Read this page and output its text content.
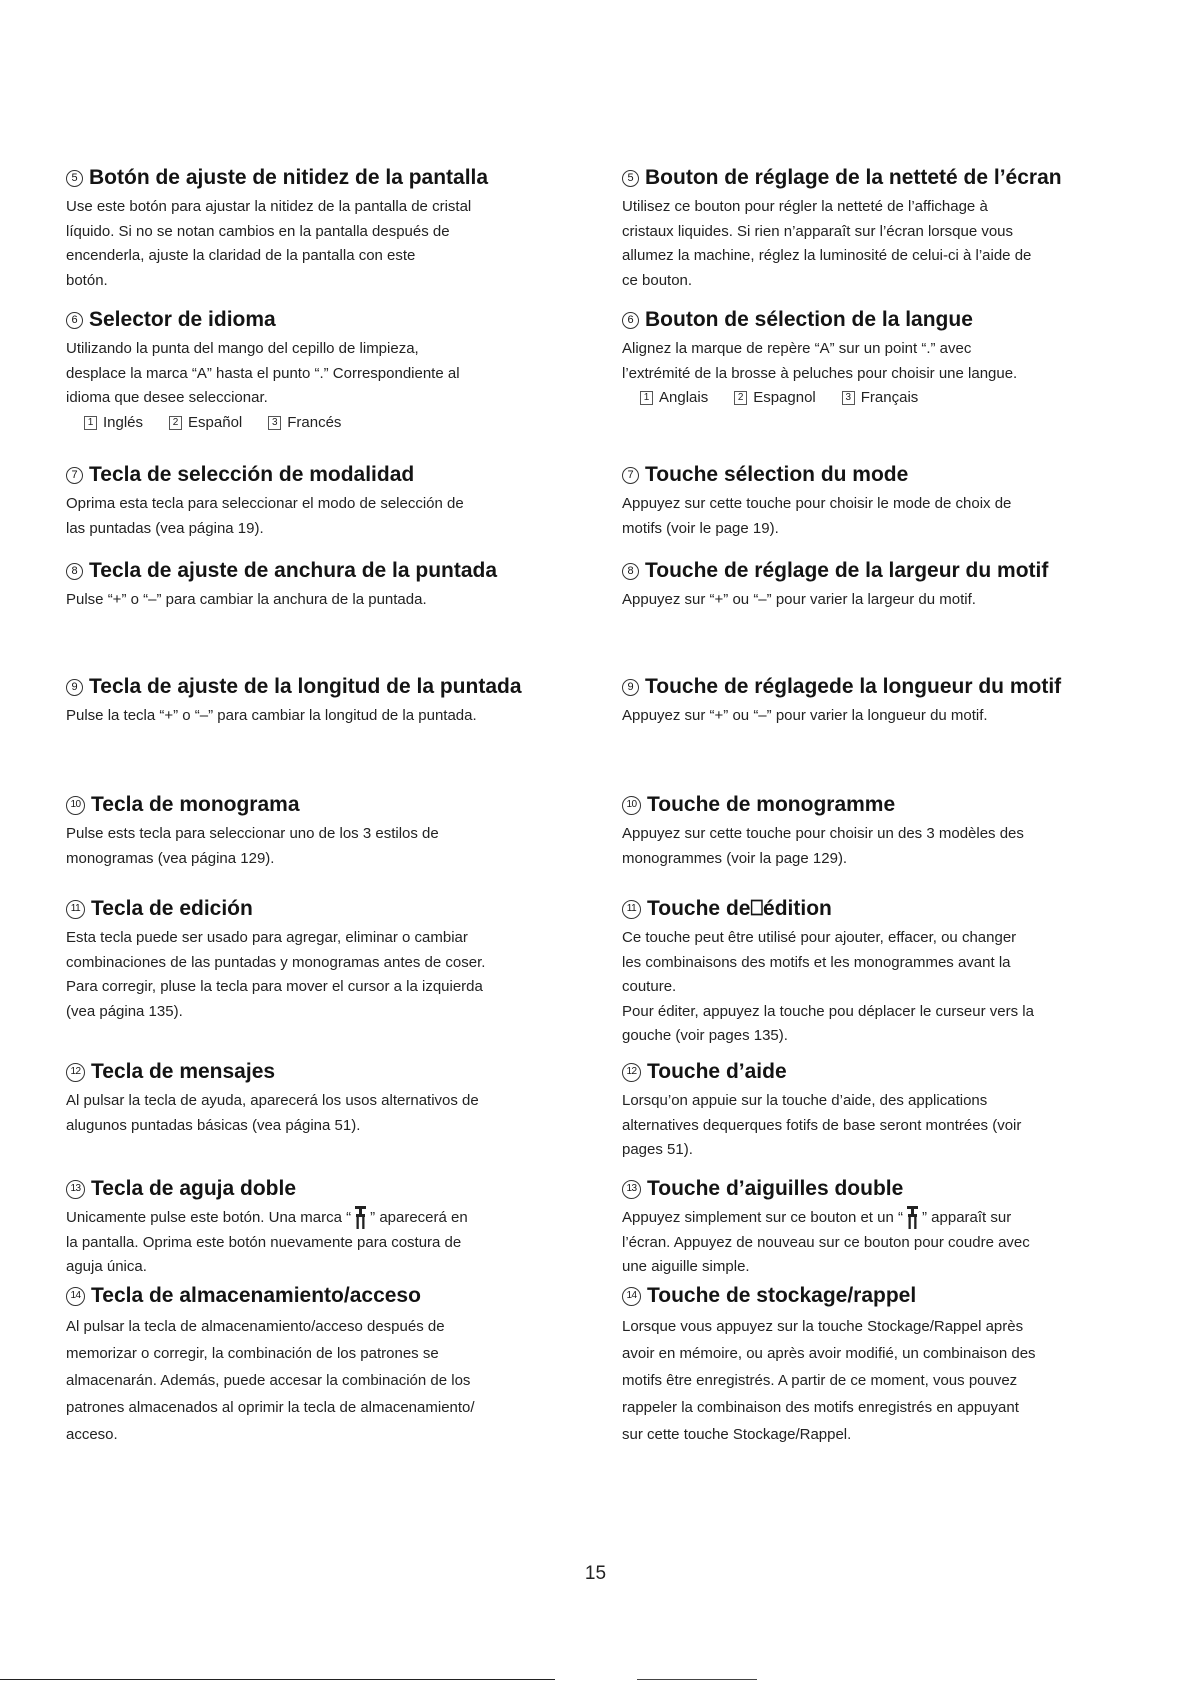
5 Botón de ajuste de nitidez de la pantalla

Use este botón para ajustar la nitidez de la pantalla de cristal

líquido. Si no se notan cambios en la pantalla después de

encenderla, ajuste la claridad de la pantalla con este

botón.

6 Selector de idioma

Utilizando la punta del mango del cepillo de limpieza,

desplace la marca “A” hasta el punto “.” Correspondiente al

idioma que desee seleccionar.

1 Inglés	2 Español	3 Francés
7 Tecla de selección de modalidad

Oprima esta tecla para seleccionar el modo de selección de

las puntadas (vea página 19).

8 Tecla de ajuste de anchura de la puntada

Pulse “+” o “–” para cambiar la anchura de la puntada.

9 Tecla de ajuste de la longitud de la puntada

Pulse la tecla “+” o “–” para cambiar la longitud de la puntada.

10 Tecla de monograma

Pulse ests tecla para seleccionar uno de los 3 estilos de

monogramas (vea página 129).

11 Tecla de edición

Esta tecla puede ser usado para agregar, eliminar o cambiar

combinaciones de las puntadas y monogramas antes de coser.

Para corregir, pluse la tecla para mover el cursor a la izquierda

(vea página 135).

12 Tecla de mensajes

Al pulsar la tecla de ayuda, aparecerá los usos alternativos de

alugunos puntadas básicas (vea página 51).

13 Tecla de aguja doble

Unicamente pulse este botón. Una marca “ ” aparecerá en

la pantalla. Oprima este botón nuevamente para costura de

aguja única.

14 Tecla de almacenamiento/acceso

Al pulsar la tecla de almacenamiento/acceso después de

memorizar o corregir, la combinación de los patrones se

almacenarán. Además, puede accesar la combinación de los

patrones almacenados al oprimir la tecla de almacenamiento/

acceso.

5 Bouton de réglage de la netteté de l’écran

Utilisez ce bouton pour régler la netteté de l’affichage à

cristaux liquides. Si rien n’apparaît sur l’écran lorsque vous

allumez la machine, réglez la luminosité de celui-ci à l’aide de

ce bouton.

6 Bouton de sélection de la langue

Alignez la marque de repère “A” sur un point “.” avec

l’extrémité de la brosse à peluches pour choisir une langue.

1 Anglais	2 Espagnol	3 Français
7 Touche sélection du mode

Appuyez sur cette touche pour choisir le mode de choix de

motifs (voir le page 19).

8 Touche de réglage de la largeur du motif

Appuyez sur “+” ou “–” pour varier la largeur du motif.

9 Touche de réglagede la longueur du motif

Appuyez sur “+” ou “–” pour varier la longueur du motif.

10 Touche de monogramme

Appuyez sur cette touche pour choisir un des 3 modèles des

monogrammes (voir la page 129).

11 Touche de⎕édition

Ce touche peut être utilisé pour ajouter, effacer, ou changer

les combinaisons des motifs et les monogrammes avant la

couture.

Pour éditer, appuyez la touche pou déplacer le curseur vers la

gouche (voir pages 135).

12 Touche d’aide

Lorsqu’on appuie sur la touche d’aide, des applications

alternatives dequerques fotifs de base seront montrées (voir

pages 51).

13 Touche d’aiguilles double

Appuyez simplement sur ce bouton et un “ ” apparaît sur

l’écran. Appuyez de nouveau sur ce bouton pour coudre avec

une aiguille simple.

14 Touche de stockage/rappel

Lorsque vous appuyez sur la touche Stockage/Rappel après

avoir en mémoire, ou après avoir modifié, un combinaison des

motifs être enregistrés. A partir de ce moment, vous pouvez

rappeler la combinaison des motifs enregistrés en appuyant

sur cette touche Stockage/Rappel.

15
